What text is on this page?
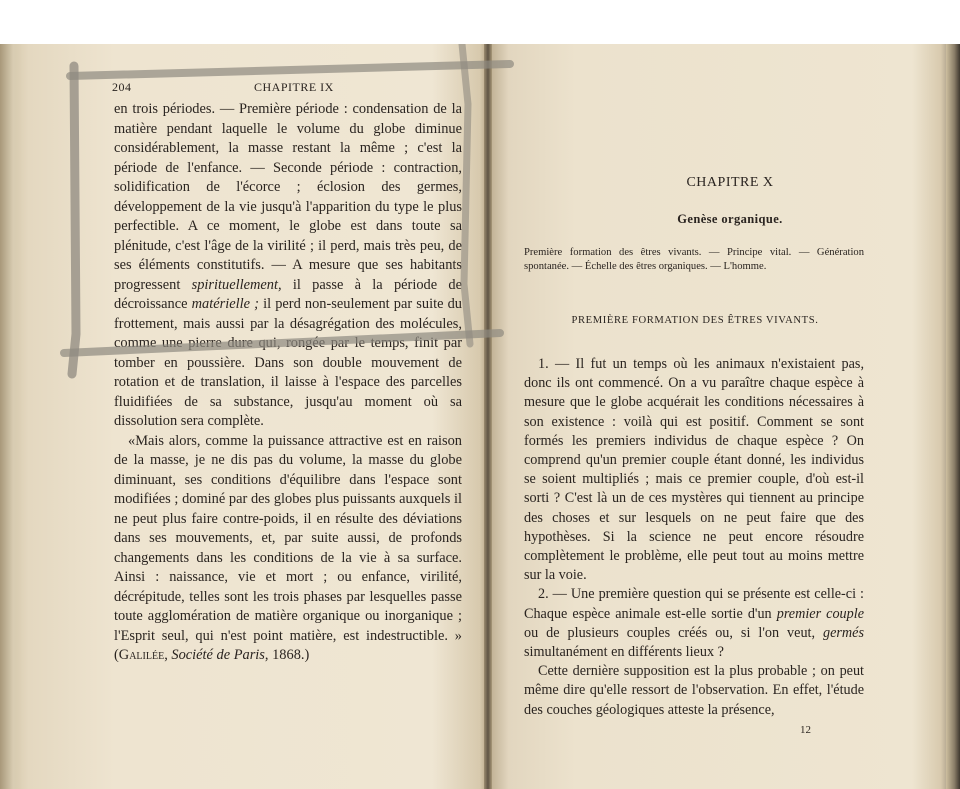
204	CHAPITRE IX

en trois périodes. — Première période : condensation de la matière pendant laquelle le volume du globe diminue considérablement, la masse restant la même ; c'est la période de l'enfance. — Seconde période : contraction, solidification de l'écorce ; éclosion des germes, développement de la vie jusqu'à l'apparition du type le plus perfectible. A ce moment, le globe est dans toute sa plénitude, c'est l'âge de la virilité ; il perd, mais très peu, de ses éléments constitutifs. — A mesure que ses habitants progressent spirituellement, il passe à la période de décroissance matérielle ; il perd non-seulement par suite du frottement, mais aussi par la désagrégation des molécules, comme une pierre dure qui, rongée par le temps, finit par tomber en poussière. Dans son double mouvement de rotation et de translation, il laisse à l'espace des parcelles fluidifiées de sa substance, jusqu'au moment où sa dissolution sera complète.

«Mais alors, comme la puissance attractive est en raison de la masse, je ne dis pas du volume, la masse du globe diminuant, ses conditions d'équilibre dans l'espace sont modifiées ; dominé par des globes plus puissants auxquels il ne peut plus faire contre-poids, il en résulte des déviations dans ses mouvements, et, par suite aussi, de profonds changements dans les conditions de la vie à sa surface. Ainsi : naissance, vie et mort ; ou enfance, virilité, décrépitude, telles sont les trois phases par lesquelles passe toute agglomération de matière organique ou inorganique ; l'Esprit seul, qui n'est point matière, est indestructible. » (Galilée, Société de Paris, 1868.)

CHAPITRE X
Genèse organique.
Première formation des êtres vivants. — Principe vital. — Génération spontanée. — Échelle des êtres organiques. — L'homme.
PREMIÈRE FORMATION DES ÊTRES VIVANTS.

1. — Il fut un temps où les animaux n'existaient pas, donc ils ont commencé. On a vu paraître chaque espèce à mesure que le globe acquérait les conditions nécessaires à son existence : voilà qui est positif. Comment se sont formés les premiers individus de chaque espèce ? On comprend qu'un premier couple étant donné, les individus se soient multipliés ; mais ce premier couple, d'où est-il sorti ? C'est là un de ces mystères qui tiennent au principe des choses et sur lesquels on ne peut faire que des hypothèses. Si la science ne peut encore résoudre complètement le problème, elle peut tout au moins mettre sur la voie.

2. — Une première question qui se présente est celle-ci : Chaque espèce animale est-elle sortie d'un premier couple ou de plusieurs couples créés ou, si l'on veut, germés simultanément en différents lieux ?

Cette dernière supposition est la plus probable ; on peut même dire qu'elle ressort de l'observation. En effet, l'étude des couches géologiques atteste la présence,

12
